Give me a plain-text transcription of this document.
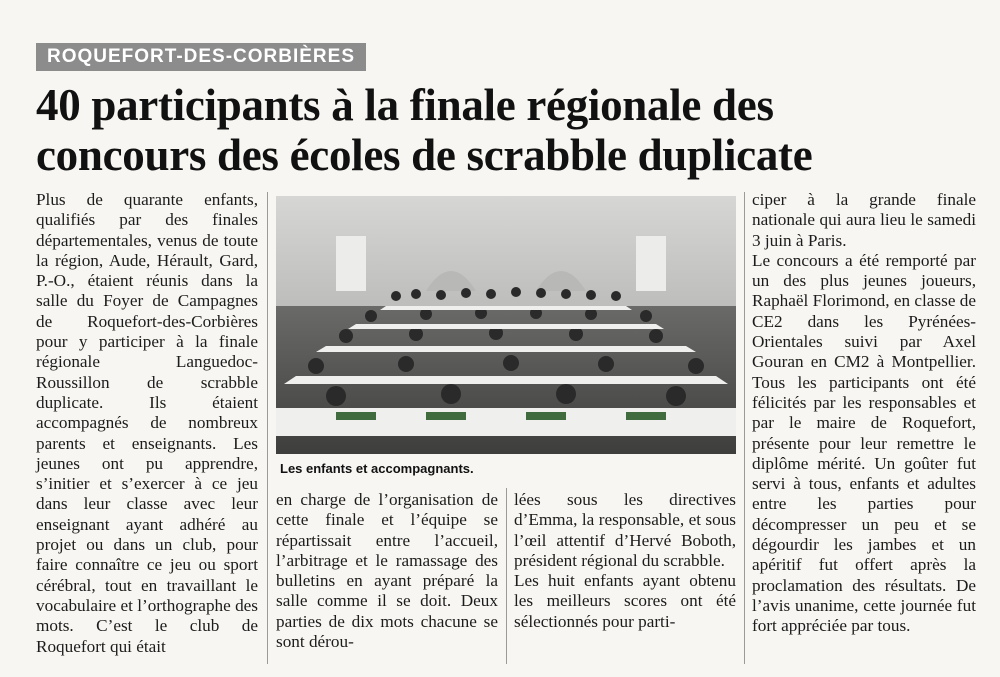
ROQUEFORT-DES-CORBIÈRES
40 participants à la finale régionale des
concours des écoles de scrabble duplicate

Plus de quarante enfants, qualifiés par des finales départementales, venus de toute la région, Aude, Hérault, Gard, P.-O., étaient réunis dans la salle du Foyer de Campagnes de Roquefort-des-Corbières pour y participer à la finale régionale Languedoc-Roussillon de scrabble duplicate. Ils étaient accompagnés de nombreux parents et enseignants. Les jeunes ont pu apprendre, s’initier et s’exercer à ce jeu dans leur classe avec leur enseignant ayant adhéré au projet ou dans un club, pour faire connaître ce jeu ou sport cérébral, tout en travaillant le vocabulaire et l’orthographe des mots. C’est le club de Roquefort qui était

Les enfants et accompagnants.

en charge de l’organisation de cette finale et l’équipe se répartissait entre l’accueil, l’arbitrage et le ramassage des bulletins en ayant préparé la salle comme il se doit. Deux parties de dix mots chacune se sont dérou-

lées sous les directives d’Emma, la responsable, et sous l’œil attentif d’Hervé Boboth, président régional du scrabble.

Les huit enfants ayant obtenu les meilleurs scores ont été sélectionnés pour parti-

ciper à la grande finale nationale qui aura lieu le samedi 3 juin à Paris.

Le concours a été remporté par un des plus jeunes joueurs, Raphaël Florimond, en classe de CE2 dans les Pyrénées-Orientales suivi par Axel Gouran en CM2 à Montpellier. Tous les participants ont été félicités par les responsables et par le maire de Roquefort, présente pour leur remettre le diplôme mérité. Un goûter fut servi à tous, enfants et adultes entre les parties pour décompresser un peu et se dégourdir les jambes et un apéritif fut offert après la proclamation des résultats. De l’avis unanime, cette journée fut fort appréciée par tous.
